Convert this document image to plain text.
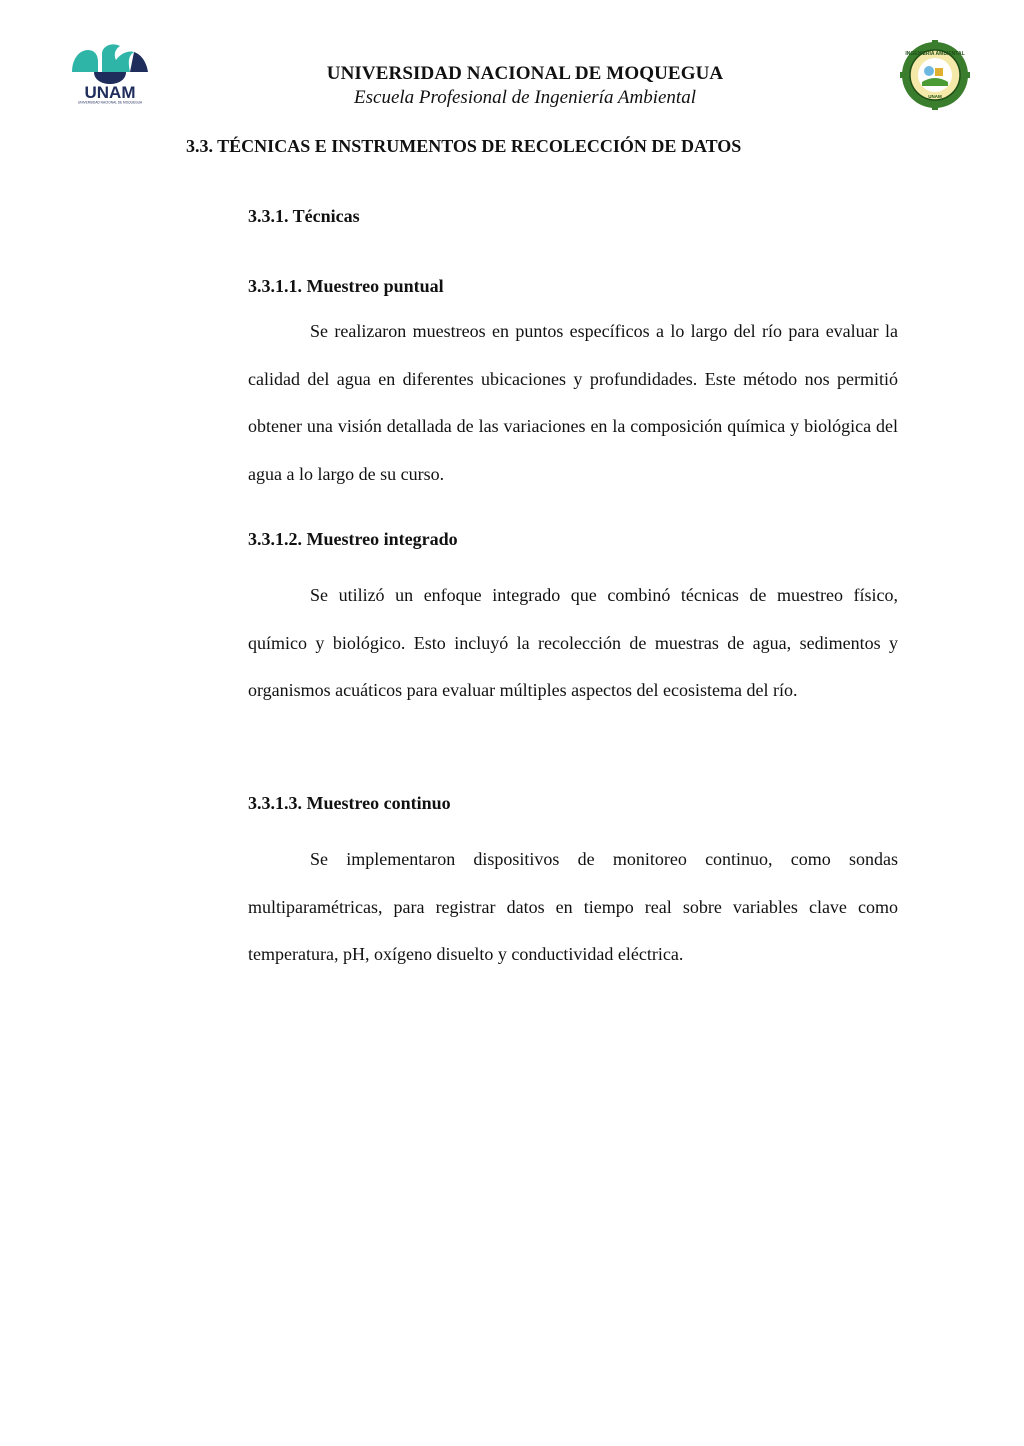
UNAM
UNIVERSIDAD NACIONAL DE MOQUEGUA
INGENIERÍA AMBIENTAL
UNAM
UNIVERSIDAD NACIONAL DE MOQUEGUA
Escuela Profesional de Ingeniería Ambiental
3.3. TÉCNICAS E INSTRUMENTOS DE RECOLECCIÓN DE DATOS
3.3.1. Técnicas
3.3.1.1. Muestreo puntual

Se realizaron muestreos en puntos específicos a lo largo del río para evaluar la calidad del agua en diferentes ubicaciones y profundidades. Este método nos permitió obtener una visión detallada de las variaciones en la composición química y biológica del agua a lo largo de su curso.

3.3.1.2. Muestreo integrado

Se utilizó un enfoque integrado que combinó técnicas de muestreo físico, químico y biológico. Esto incluyó la recolección de muestras de agua, sedimentos y organismos acuáticos para evaluar múltiples aspectos del ecosistema del río.

3.3.1.3. Muestreo continuo

Se implementaron dispositivos de monitoreo continuo, como sondas multiparamétricas, para registrar datos en tiempo real sobre variables clave como temperatura, pH, oxígeno disuelto y conductividad eléctrica.
